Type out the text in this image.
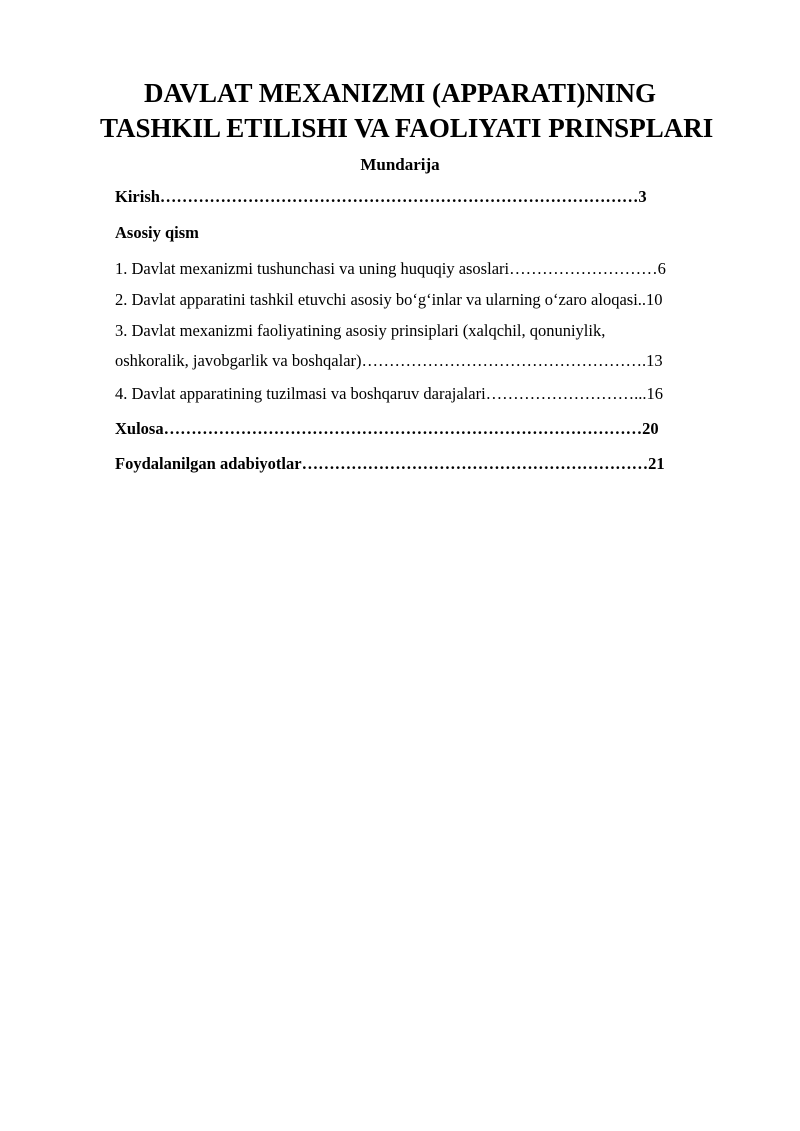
DAVLAT MEXANIZMI (APPARATI)NING
TASHKIL ETILISHI VA FAOLIYATI PRINSPLARI
Mundarija
Kirish……………………………………………………………………………3
Asosiy qism
1. Davlat mexanizmi tushunchasi va uning huquqiy asoslari………………………6
2. Davlat apparatini tashkil etuvchi asosiy bo‘g‘inlar va ularning o‘zaro aloqasi..10
3. Davlat mexanizmi faoliyatining asosiy prinsiplari (xalqchil, qonuniylik,
oshkoralik, javobgarlik va boshqalar)…………………………………………….13
4. Davlat apparatining tuzilmasi va boshqaruv darajalari………………………...16
Xulosa……………………………………………………………………………20
Foydalanilgan adabiyotlar………………………………………………………21
